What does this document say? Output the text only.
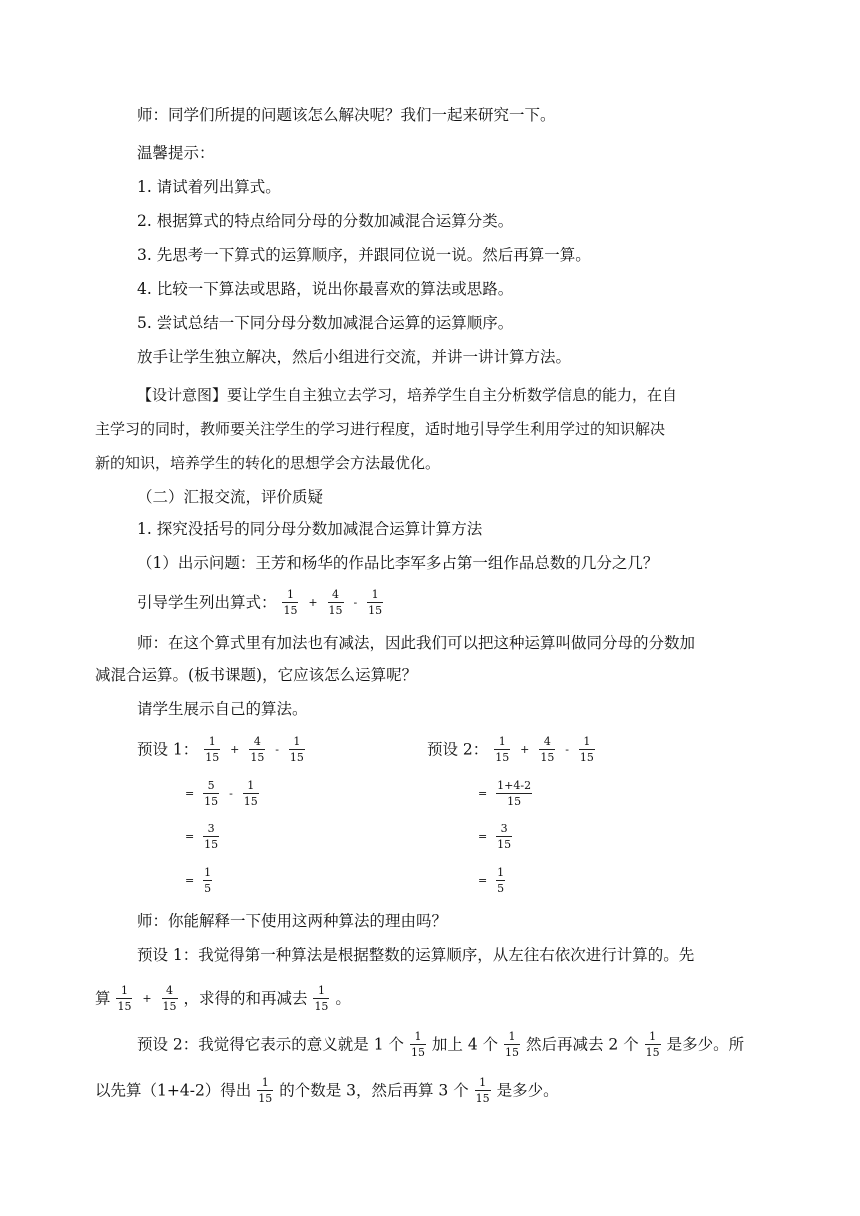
师：同学们所提的问题该怎么解决呢？我们一起来研究一下。
温馨提示：
1. 请试着列出算式。
2. 根据算式的特点给同分母的分数加减混合运算分类。
3. 先思考一下算式的运算顺序，并跟同位说一说。然后再算一算。
4. 比较一下算法或思路，说出你最喜欢的算法或思路。
5. 尝试总结一下同分母分数加减混合运算的运算顺序。
放手让学生独立解决，然后小组进行交流，并讲一讲计算方法。
【设计意图】要让学生自主独立去学习，培养学生自主分析数学信息的能力，在自
主学习的同时，教师要关注学生的学习进行程度，适时地引导学生利用学过的知识解决
新的知识，培养学生的转化的思想学会方法最优化。
（二）汇报交流，评价质疑
1. 探究没括号的同分母分数加减混合运算计算方法
（1）出示问题：王芳和杨华的作品比李军多占第一组作品总数的几分之几？
引导学生列出算式： $\frac{1}{15} + \frac{4}{15} - \frac{1}{15}$
师：在这个算式里有加法也有减法，因此我们可以把这种运算叫做同分母的分数加
减混合运算。(板书课题)，它应该怎么运算呢？
请学生展示自己的算法。
预设 1： $\frac{1}{15} + \frac{4}{15} - \frac{1}{15}$
= $\frac{5}{15} - \frac{1}{15}$
= $\frac{3}{15}$
= $\frac{1}{5}$
预设 2： $\frac{1}{15} + \frac{4}{15} - \frac{1}{15}$
= $\frac{1+4-2}{15}$
= $\frac{3}{15}$
= $\frac{1}{5}$
师：你能解释一下使用这两种算法的理由吗？
预设 1：我觉得第一种算法是根据整数的运算顺序，从左往右依次进行计算的。先
算 $\frac{1}{15} + \frac{4}{15}$ ，求得的和再减去 $\frac{1}{15}$ 。
预设 2：我觉得它表示的意义就是 1 个 $\frac{1}{15}$ 加上 4 个 $\frac{1}{15}$ 然后再减去 2 个 $\frac{1}{15}$ 是多少。所
以先算（1+4-2）得出 $\frac{1}{15}$ 的个数是 3，然后再算 3 个 $\frac{1}{15}$ 是多少。
